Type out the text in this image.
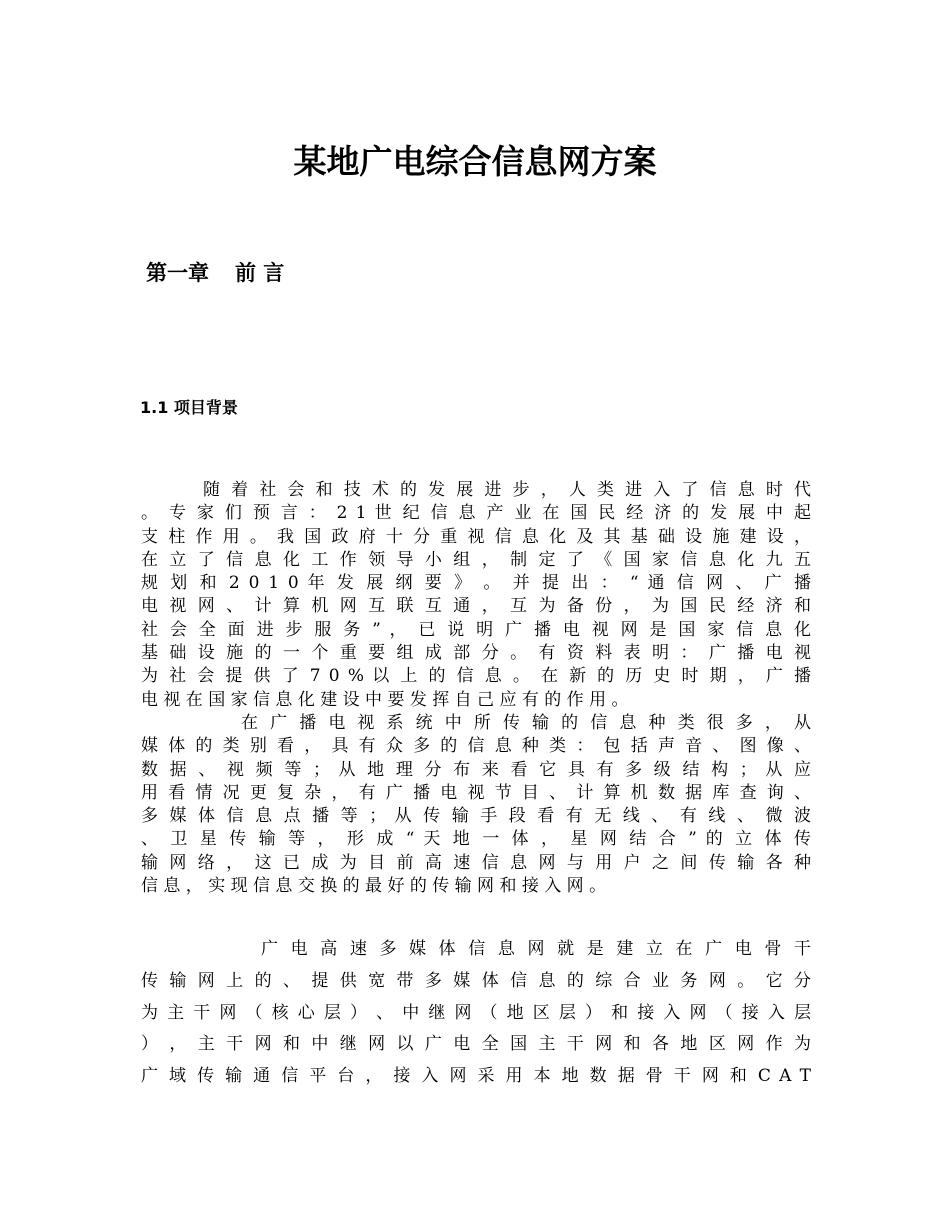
某地广电综合信息网方案
第一章 前 言
1.1 项目背景
随 着 社 会 和 技 术 的 发 展 进 步 ， 人 类 进 入 了 信 息 时 代
。 专 家 们 预 言 ： 2 1 世 纪 信 息 产 业 在 国 民 经 济 的 发 展 中 起
支 柱 作 用 。 我 国 政 府 十 分 重 视 信 息 化 及 其 基 础 设 施 建 设 ，
在 立 了 信 息 化 工 作 领 导 小 组 ， 制 定 了 《 国 家 信 息 化 九 五
规 划 和 2 0 1 0 年 发 展 纲 要 》 。 并 提 出 ： “ 通 信 网 、 广 播
电 视 网 、 计 算 机 网 互 联 互 通 ， 互 为 备 份 ， 为 国 民 经 济 和
社 会 全 面 进 步 服 务 ” ， 已 说 明 广 播 电 视 网 是 国 家 信 息 化
基 础 设 施 的 一 个 重 要 组 成 部 分 。 有 资 料 表 明 ： 广 播 电 视
为 社 会 提 供 了 7 0 % 以 上 的 信 息 。 在 新 的 历 史 时 期 ， 广 播
电 视 在 国 家 信 息 化 建 设 中 要 发 挥 自 己 应 有 的 作 用 。
在 广 播 电 视 系 统 中 所 传 输 的 信 息 种 类 很 多 ， 从
媒 体 的 类 别 看 ， 具 有 众 多 的 信 息 种 类 ： 包 括 声 音 、 图 像 、
数 据 、 视 频 等 ； 从 地 理 分 布 来 看 它 具 有 多 级 结 构 ； 从 应
用 看 情 况 更 复 杂 ， 有 广 播 电 视 节 目 、 计 算 机 数 据 库 查 询 、
多 媒 体 信 息 点 播 等 ； 从 传 输 手 段 看 有 无 线 、 有 线 、 微 波
、 卫 星 传 输 等 ， 形 成 “ 天 地 一 体 ， 星 网 结 合 ” 的 立 体 传
输 网 络 ， 这 已 成 为 目 前 高 速 信 息 网 与 用 户 之 间 传 输 各 种
信 息 ， 实 现 信 息 交 换 的 最 好 的 传 输 网 和 接 入 网 。
广 电 高 速 多 媒 体 信 息 网 就 是 建 立 在 广 电 骨 干
传 输 网 上 的 、 提 供 宽 带 多 媒 体 信 息 的 综 合 业 务 网 。 它 分
为 主 干 网 （ 核 心 层 ） 、 中 继 网 （ 地 区 层 ） 和 接 入 网 （ 接 入 层
） ， 主 干 网 和 中 继 网 以 广 电 全 国 主 干 网 和 各 地 区 网 作 为
广 域 传 输 通 信 平 台 ， 接 入 网 采 用 本 地 数 据 骨 干 网 和 C A T
